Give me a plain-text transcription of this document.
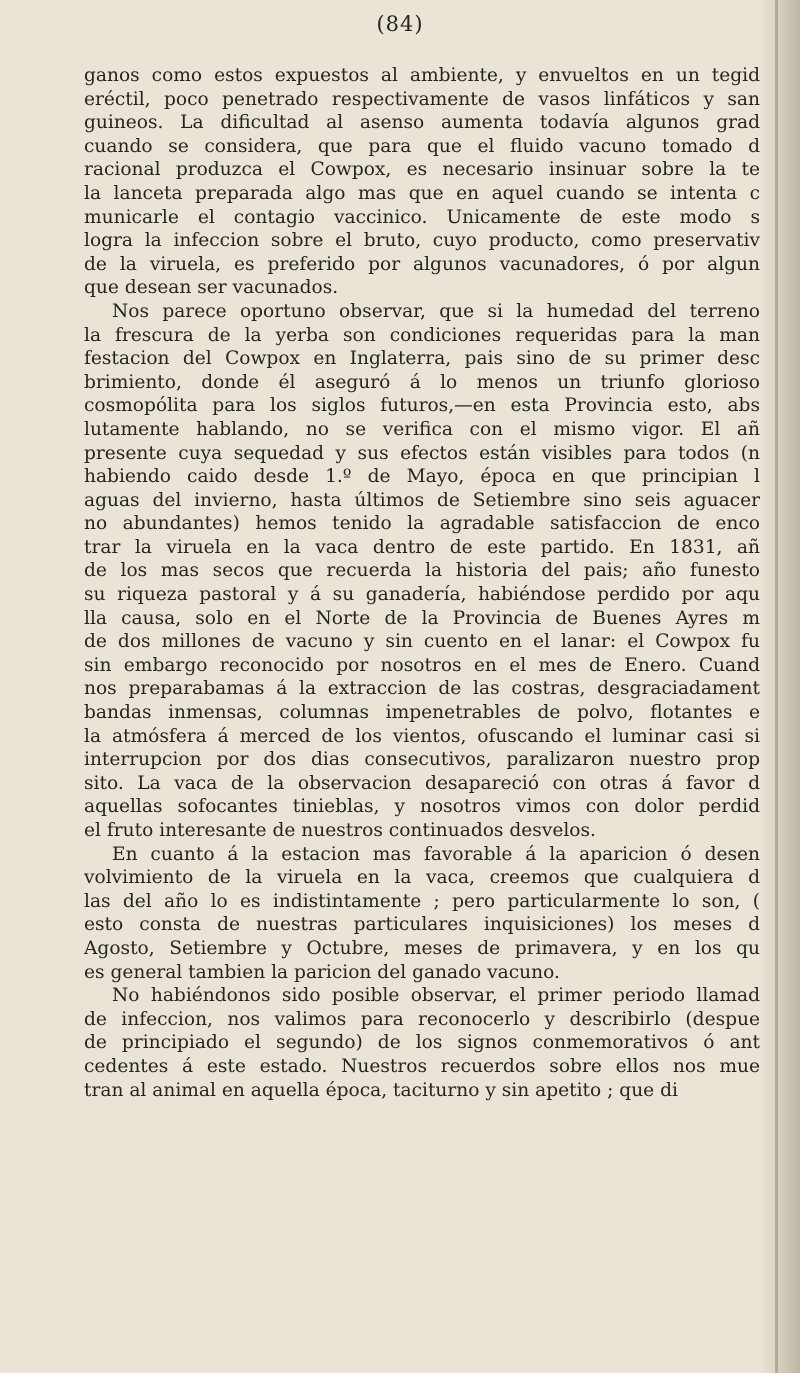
(84)
ganos como estos expuestos al ambiente, y envueltos en un tegid
eréctil, poco penetrado respectivamente de vasos linfáticos y san
guineos. La dificultad al asenso aumenta todavía algunos grad
cuando se considera, que para que el fluido vacuno tomado d
racional produzca el Cowpox, es necesario insinuar sobre la te
la lanceta preparada algo mas que en aquel cuando se intenta c
municarle el contagio vaccinico. Unicamente de este modo s
logra la infeccion sobre el bruto, cuyo producto, como preservativ
de la viruela, es preferido por algunos vacunadores, ó por algun
que desean ser vacunados.
Nos parece oportuno observar, que si la humedad del terreno
la frescura de la yerba son condiciones requeridas para la man
festacion del Cowpox en Inglaterra, pais sino de su primer desc
brimiento, donde él aseguró á lo menos un triunfo glorioso
cosmopólita para los siglos futuros,—en esta Provincia esto, abs
lutamente hablando, no se verifica con el mismo vigor. El añ
presente cuya sequedad y sus efectos están visibles para todos (n
habiendo caido desde 1.º de Mayo, época en que principian l
aguas del invierno, hasta últimos de Setiembre sino seis aguacer
no abundantes) hemos tenido la agradable satisfaccion de enco
trar la viruela en la vaca dentro de este partido. En 1831, añ
de los mas secos que recuerda la historia del pais; año funesto
su riqueza pastoral y á su ganadería, habiéndose perdido por aqu
lla causa, solo en el Norte de la Provincia de Buenes Ayres m
de dos millones de vacuno y sin cuento en el lanar: el Cowpox fu
sin embargo reconocido por nosotros en el mes de Enero. Cuand
nos preparabamas á la extraccion de las costras, desgraciadament
bandas inmensas, columnas impenetrables de polvo, flotantes e
la atmósfera á merced de los vientos, ofuscando el luminar casi si
interrupcion por dos dias consecutivos, paralizaron nuestro prop
sito. La vaca de la observacion desapareció con otras á favor d
aquellas sofocantes tinieblas, y nosotros vimos con dolor perdid
el fruto interesante de nuestros continuados desvelos.
En cuanto á la estacion mas favorable á la aparicion ó desen
volvimiento de la viruela en la vaca, creemos que cualquiera d
las del año lo es indistintamente ; pero particularmente lo son, (
esto consta de nuestras particulares inquisiciones) los meses d
Agosto, Setiembre y Octubre, meses de primavera, y en los qu
es general tambien la paricion del ganado vacuno.
No habiéndonos sido posible observar, el primer periodo llamad
de infeccion, nos valimos para reconocerlo y describirlo (despue
de principiado el segundo) de los signos conmemorativos ó ant
cedentes á este estado. Nuestros recuerdos sobre ellos nos mue
tran al animal en aquella época, taciturno y sin apetito ; que di
